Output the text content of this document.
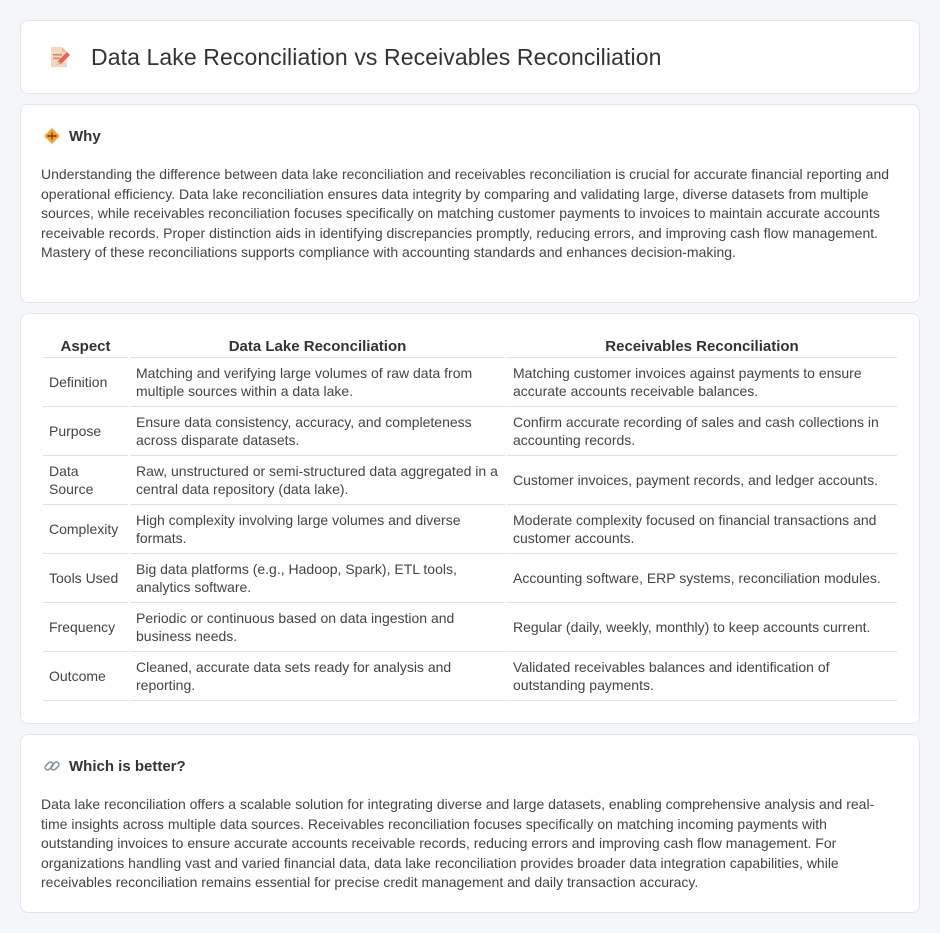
Data Lake Reconciliation vs Receivables Reconciliation
Why

Understanding the difference between data lake reconciliation and receivables reconciliation is crucial for accurate financial reporting and operational efficiency. Data lake reconciliation ensures data integrity by comparing and validating large, diverse datasets from multiple sources, while receivables reconciliation focuses specifically on matching customer payments to invoices to maintain accurate accounts receivable records. Proper distinction aids in identifying discrepancies promptly, reducing errors, and improving cash flow management. Mastery of these reconciliations supports compliance with accounting standards and enhances decision-making.

Aspect	Data Lake Reconciliation	Receivables Reconciliation
Definition	Matching and verifying large volumes of raw data from multiple sources within a data lake.	Matching customer invoices against payments to ensure accurate accounts receivable balances.
Purpose	Ensure data consistency, accuracy, and completeness across disparate datasets.	Confirm accurate recording of sales and cash collections in accounting records.
Data Source	Raw, unstructured or semi-structured data aggregated in a central data repository (data lake).	Customer invoices, payment records, and ledger accounts.
Complexity	High complexity involving large volumes and diverse formats.	Moderate complexity focused on financial transactions and customer accounts.
Tools Used	Big data platforms (e.g., Hadoop, Spark), ETL tools, analytics software.	Accounting software, ERP systems, reconciliation modules.
Frequency	Periodic or continuous based on data ingestion and business needs.	Regular (daily, weekly, monthly) to keep accounts current.
Outcome	Cleaned, accurate data sets ready for analysis and reporting.	Validated receivables balances and identification of outstanding payments.
Which is better?

Data lake reconciliation offers a scalable solution for integrating diverse and large datasets, enabling comprehensive analysis and real-time insights across multiple data sources. Receivables reconciliation focuses specifically on matching incoming payments with outstanding invoices to ensure accurate accounts receivable records, reducing errors and improving cash flow management. For organizations handling vast and varied financial data, data lake reconciliation provides broader data integration capabilities, while receivables reconciliation remains essential for precise credit management and daily transaction accuracy.
